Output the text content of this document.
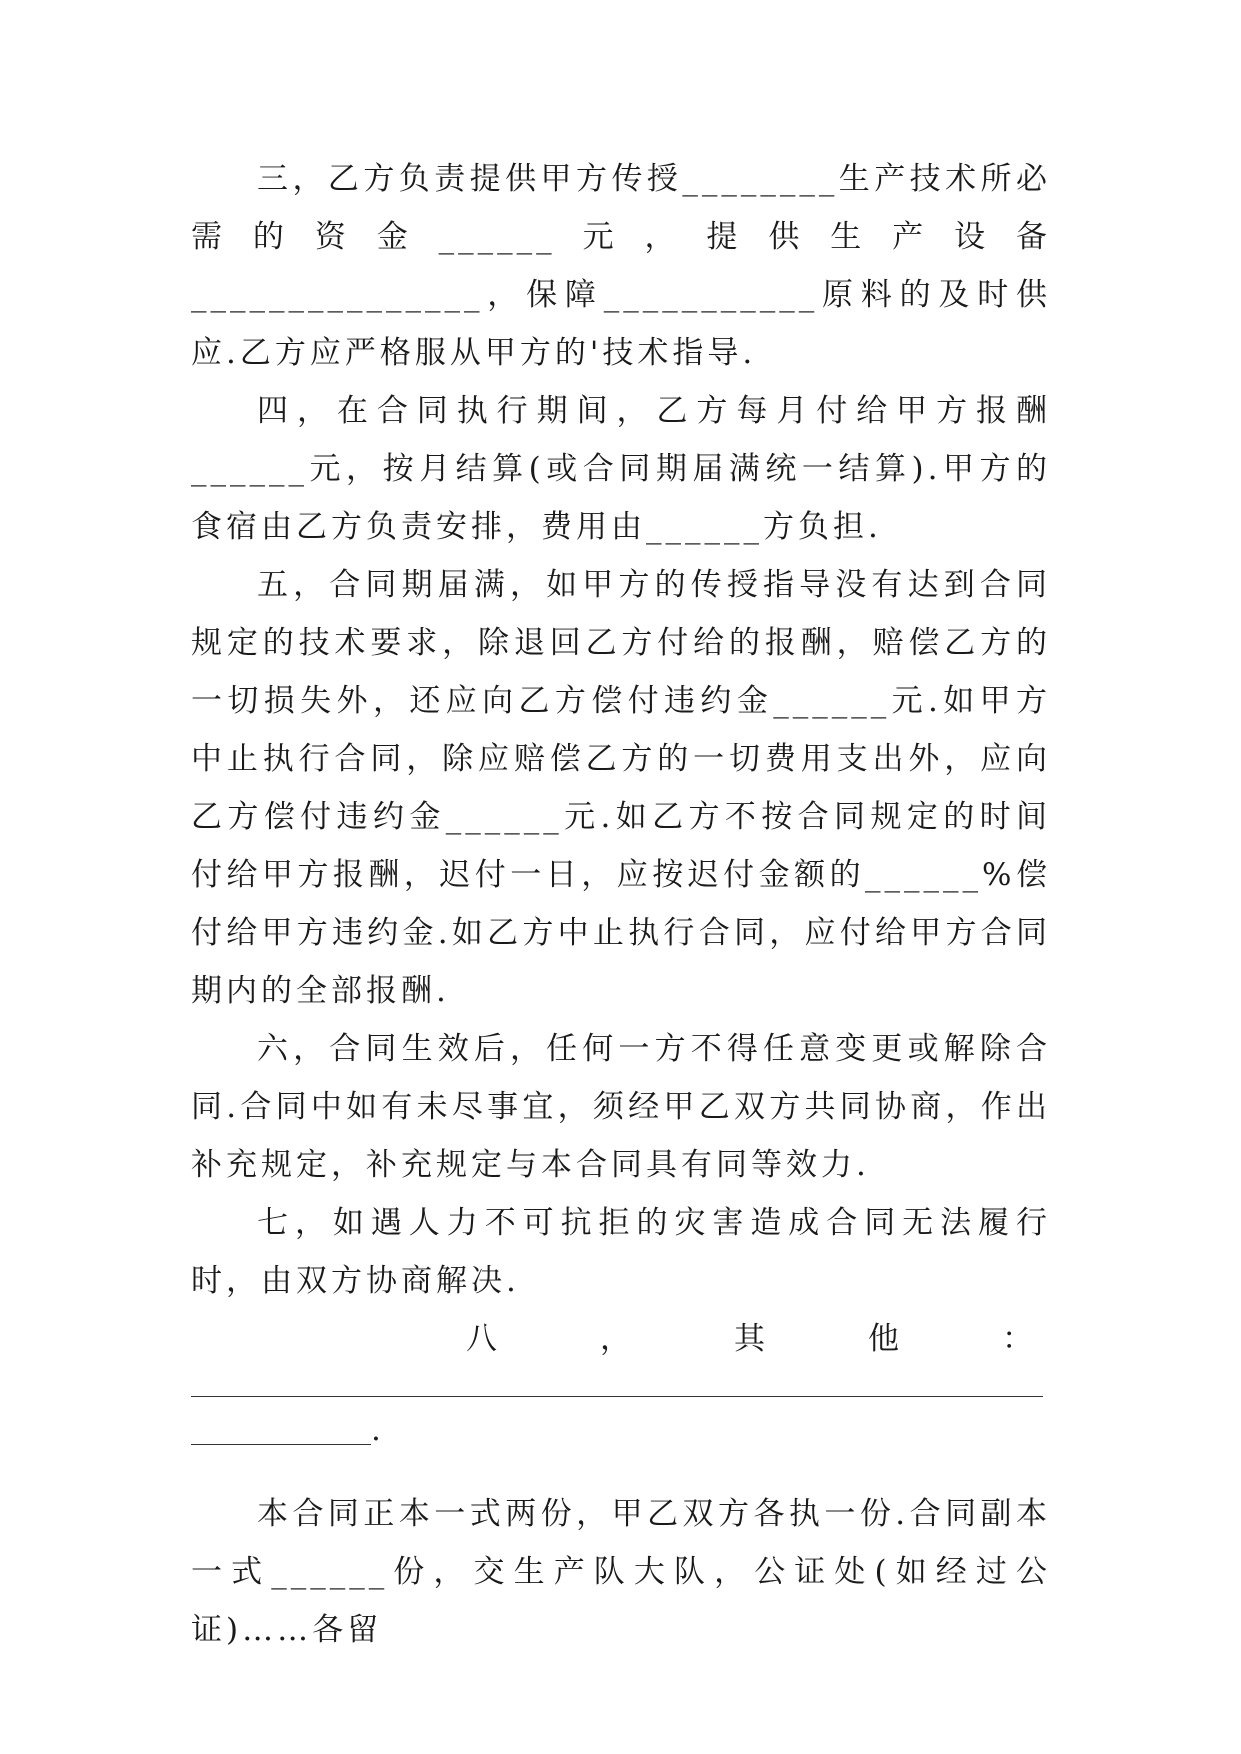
三，乙方负责提供甲方传授________生产技术所必需的资金______元，提供生产设备_______________，保障___________原料的及时供应.乙方应严格服从甲方的'技术指导.

四，在合同执行期间，乙方每月付给甲方报酬______元，按月结算(或合同期届满统一结算).甲方的食宿由乙方负责安排，费用由______方负担.

五，合同期届满，如甲方的传授指导没有达到合同规定的技术要求，除退回乙方付给的报酬，赔偿乙方的一切损失外，还应向乙方偿付违约金______元.如甲方中止执行合同，除应赔偿乙方的一切费用支出外，应向乙方偿付违约金______元.如乙方不按合同规定的时间付给甲方报酬，迟付一日，应按迟付金额的______%偿付给甲方违约金.如乙方中止执行合同，应付给甲方合同期内的全部报酬.

六，合同生效后，任何一方不得任意变更或解除合同.合同中如有未尽事宜，须经甲乙双方共同协商，作出补充规定，补充规定与本合同具有同等效力.

七，如遇人力不可抗拒的灾害造成合同无法履行时，由双方协商解决.

八	，	其	他	：
.

本合同正本一式两份，甲乙双方各执一份.合同副本一式______份，交生产队大队，公证处(如经过公证)……各留
